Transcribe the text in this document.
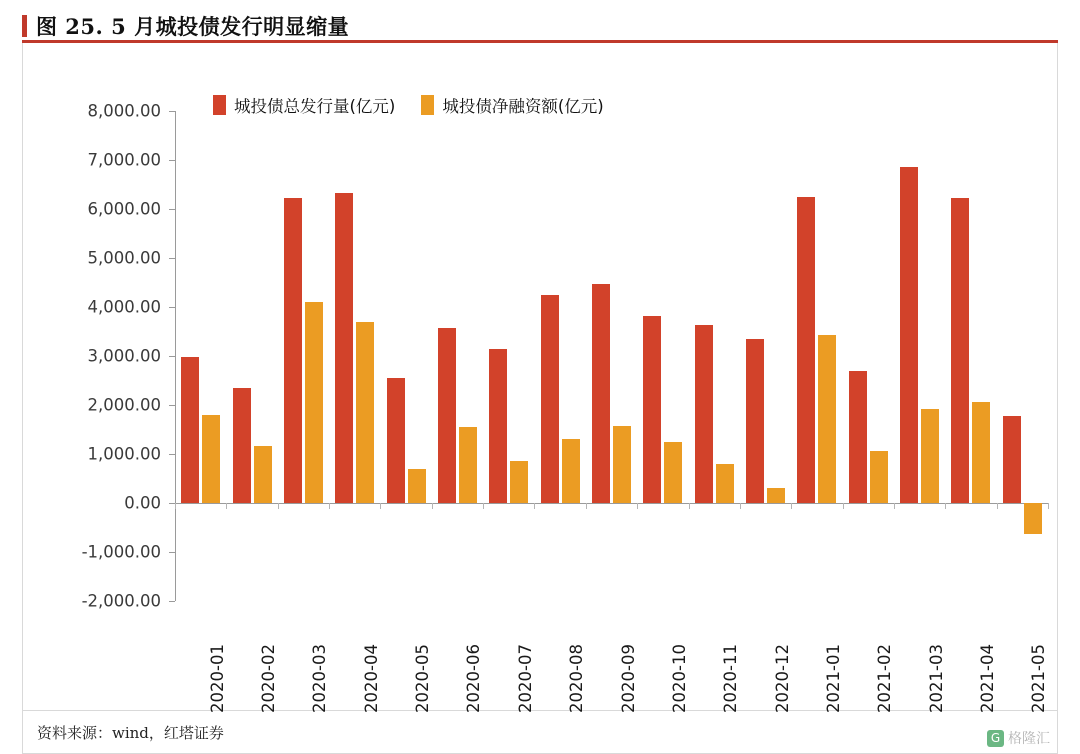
图 25. 5 月城投债发行明显缩量
城投债总发行量(亿元)	城投债净融资额(亿元)
8,000.00
7,000.00
6,000.00
5,000.00
4,000.00
3,000.00
2,000.00
1,000.00
0.00
-1,000.00
-2,000.00
2020-01 2020-02 2020-03 2020-04 2020-05 2020-06 2020-07 2020-08 2020-09 2020-10 2020-11 2020-12 2021-01 2021-02 2021-03 2021-04 2021-05
资料来源：wind，红塔证券	G 格隆汇
